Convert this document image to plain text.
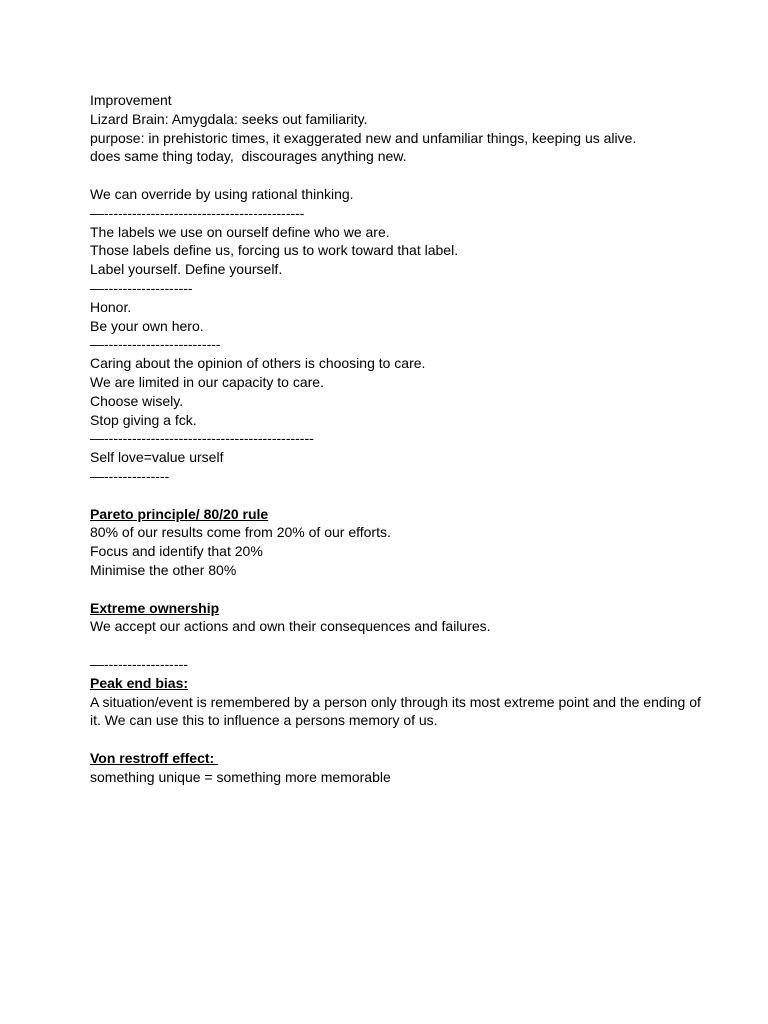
Improvement

Lizard Brain: Amygdala: seeks out familiarity.

purpose: in prehistoric times, it exaggerated new and unfamiliar things, keeping us alive.

does same thing today,  discourages anything new.

We can override by using rational thinking.

—-------------------------------------------

The labels we use on ourself define who we are.

Those labels define us, forcing us to work toward that label.

Label yourself. Define yourself.

—-------------------

Honor.

Be your own hero.

—-------------------------

Caring about the opinion of others is choosing to care.

We are limited in our capacity to care.

Choose wisely.

Stop giving a fck.

—---------------------------------------------

Self love=value urself

—--------------

Pareto principle/ 80/20 rule

80% of our results come from 20% of our efforts.

Focus and identify that 20%

Minimise the other 80%

Extreme ownership

We accept our actions and own their consequences and failures.

—------------------

Peak end bias:

A situation/event is remembered by a person only through its most extreme point and the ending of it. We can use this to influence a persons memory of us.

Von restroff effect:

something unique = something more memorable
